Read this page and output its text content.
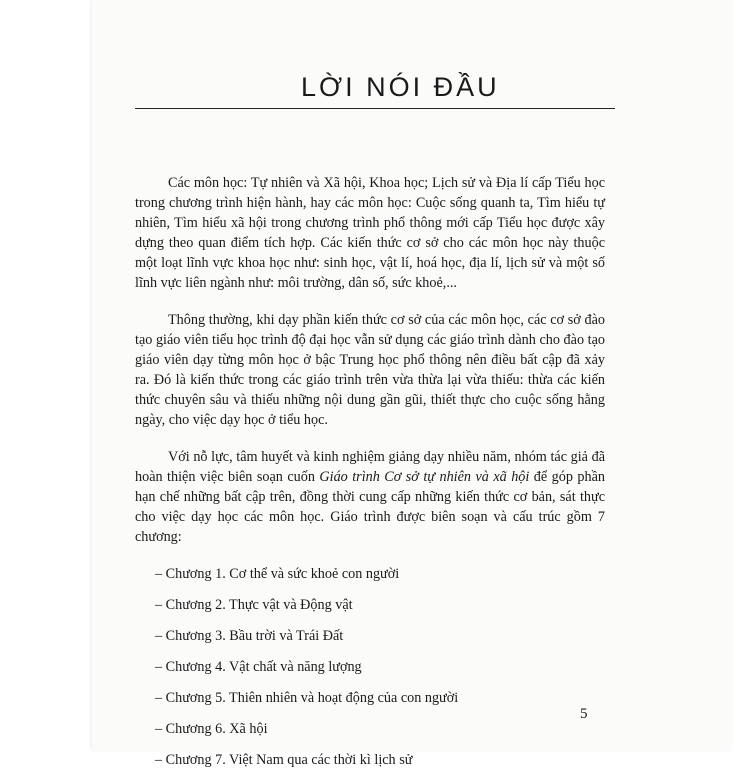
LỜI NÓI ĐẦU

Các môn học: Tự nhiên và Xã hội, Khoa học; Lịch sử và Địa lí cấp Tiểu học trong chương trình hiện hành, hay các môn học: Cuộc sống quanh ta, Tìm hiểu tự nhiên, Tìm hiểu xã hội trong chương trình phổ thông mới cấp Tiểu học được xây dựng theo quan điểm tích hợp. Các kiến thức cơ sở cho các môn học này thuộc một loạt lĩnh vực khoa học như: sinh học, vật lí, hoá học, địa lí, lịch sử và một số lĩnh vực liên ngành như: môi trường, dân số, sức khoẻ,...

Thông thường, khi dạy phần kiến thức cơ sở của các môn học, các cơ sở đào tạo giáo viên tiểu học trình độ đại học vẫn sử dụng các giáo trình dành cho đào tạo giáo viên dạy từng môn học ở bậc Trung học phổ thông nên điều bất cập đã xảy ra. Đó là kiến thức trong các giáo trình trên vừa thừa lại vừa thiếu: thừa các kiến thức chuyên sâu và thiếu những nội dung gần gũi, thiết thực cho cuộc sống hằng ngày, cho việc dạy học ở tiểu học.

Với nỗ lực, tâm huyết và kinh nghiệm giảng dạy nhiều năm, nhóm tác giả đã hoàn thiện việc biên soạn cuốn Giáo trình Cơ sở tự nhiên và xã hội để góp phần hạn chế những bất cập trên, đồng thời cung cấp những kiến thức cơ bản, sát thực cho việc dạy học các môn học. Giáo trình được biên soạn và cấu trúc gồm 7 chương:

– Chương 1. Cơ thể và sức khoẻ con người
– Chương 2. Thực vật và Động vật
– Chương 3. Bầu trời và Trái Đất
– Chương 4. Vật chất và năng lượng
– Chương 5. Thiên nhiên và hoạt động của con người
– Chương 6. Xã hội
– Chương 7. Việt Nam qua các thời kì lịch sử
5
